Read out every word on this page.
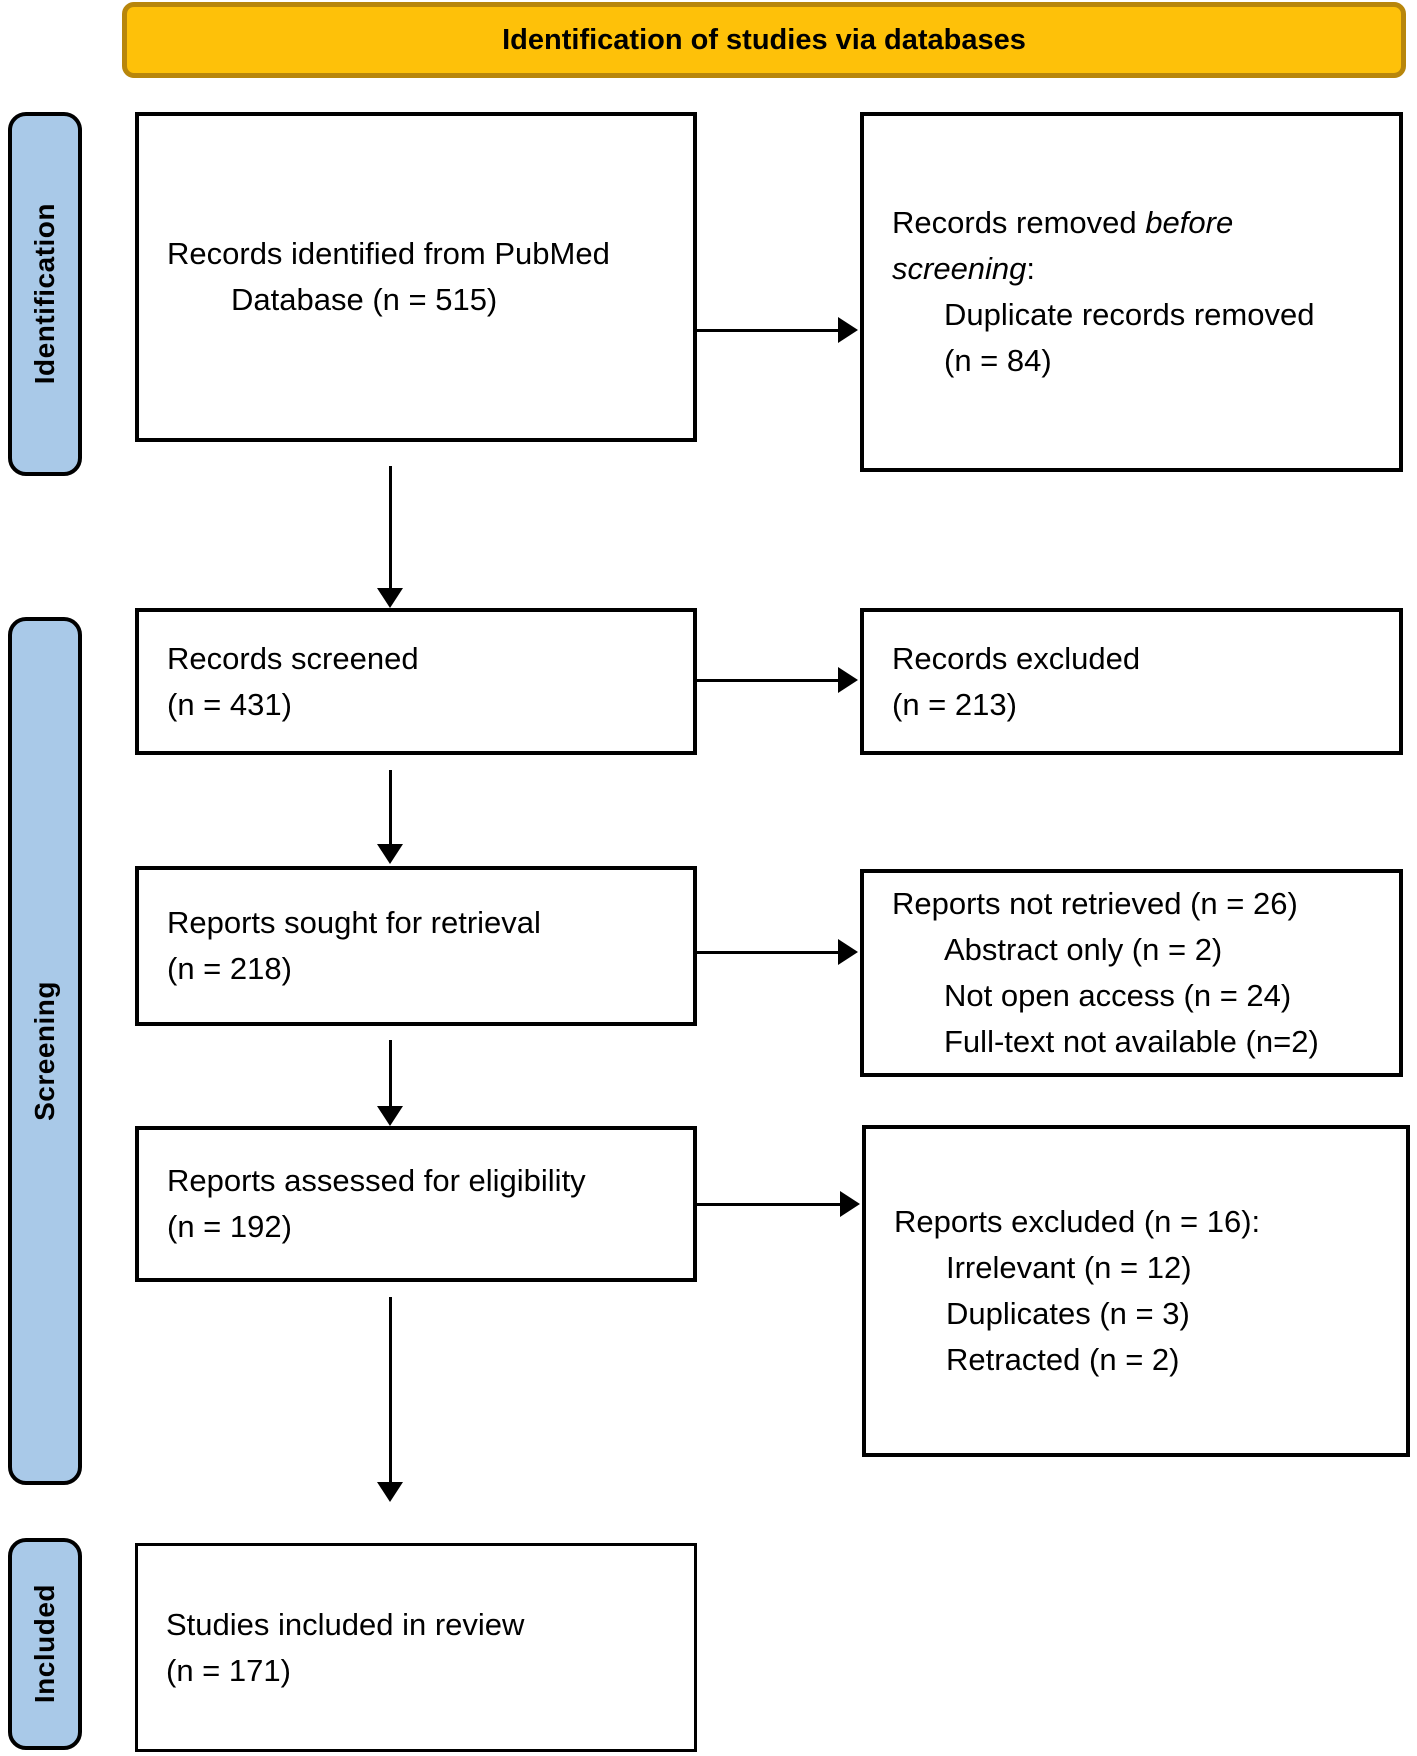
Identification of studies via databases
Identification
Screening
Included
Records identified from PubMed
Database (n = 515)
Records removed before
screening:
Duplicate records removed
(n = 84)
Records screened
(n = 431)
Records excluded
(n = 213)
Reports sought for retrieval
(n = 218)
Reports not retrieved (n = 26)
Abstract only (n = 2)
Not open access (n = 24)
Full-text not available (n=2)
Reports assessed for eligibility
(n = 192)	Reports excluded (n = 16):
Irrelevant (n = 12)
Duplicates (n = 3)
Retracted (n = 2)
Studies included in review
(n = 171)
